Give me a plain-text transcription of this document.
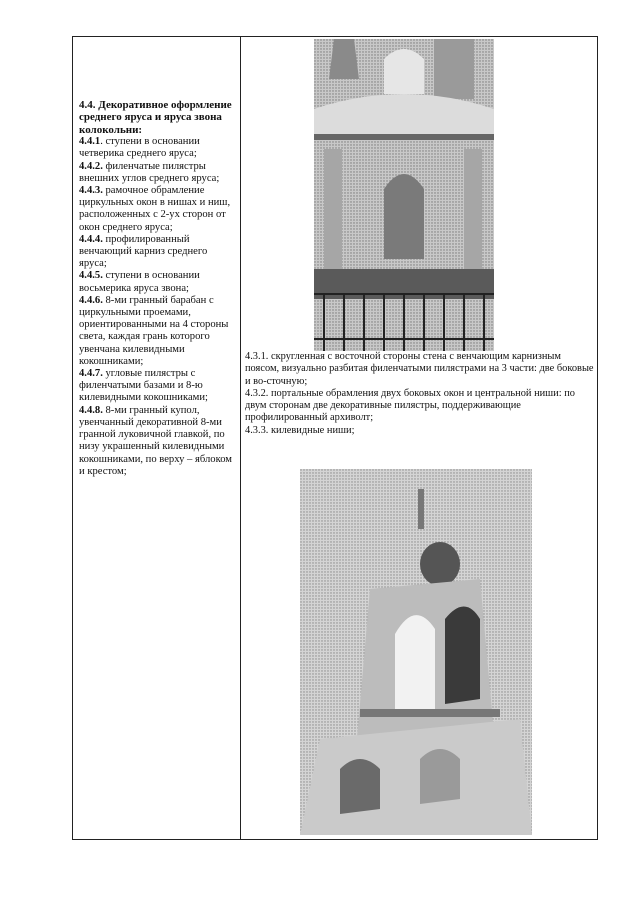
4.4. Декоративное оформление среднего яруса и яруса звона колокольни:
4.4.1. ступени в основании четверика среднего яруса;
4.4.2. филенчатые пилястры внешних углов среднего яруса;
4.4.3. рамочное обрамление циркульных окон в нишах и ниш, расположенных с 2-ух сторон от окон среднего яруса;
4.4.4. профилированный венчающий карниз среднего яруса;
4.4.5. ступени в основании восьмерика яруса звона;
4.4.6. 8-ми гранный барабан с циркульными проемами, ориентированными на 4 стороны света, каждая грань которого увенчана килевидными кокошниками;
4.4.7. угловые пилястры с филенчатыми базами и 8-ю килевидными кокошниками;
4.4.8. 8-ми гранный купол, увенчанный декоративной 8-ми гранной луковичной главкой, по низу украшенный килевидными кокошниками, по верху – яблоком и крестом;
4.3.1. скругленная с восточной стороны стена с венчающим карнизным поясом, визуально разбитая филенчатыми пилястрами на 3 части: две боковые и во-сточную;
4.3.2. портальные обрамления двух боковых окон и центральной ниши: по двум сторонам две декоративные пилястры, поддерживающие профилированный архиволт;
4.3.3. килевидные ниши;
